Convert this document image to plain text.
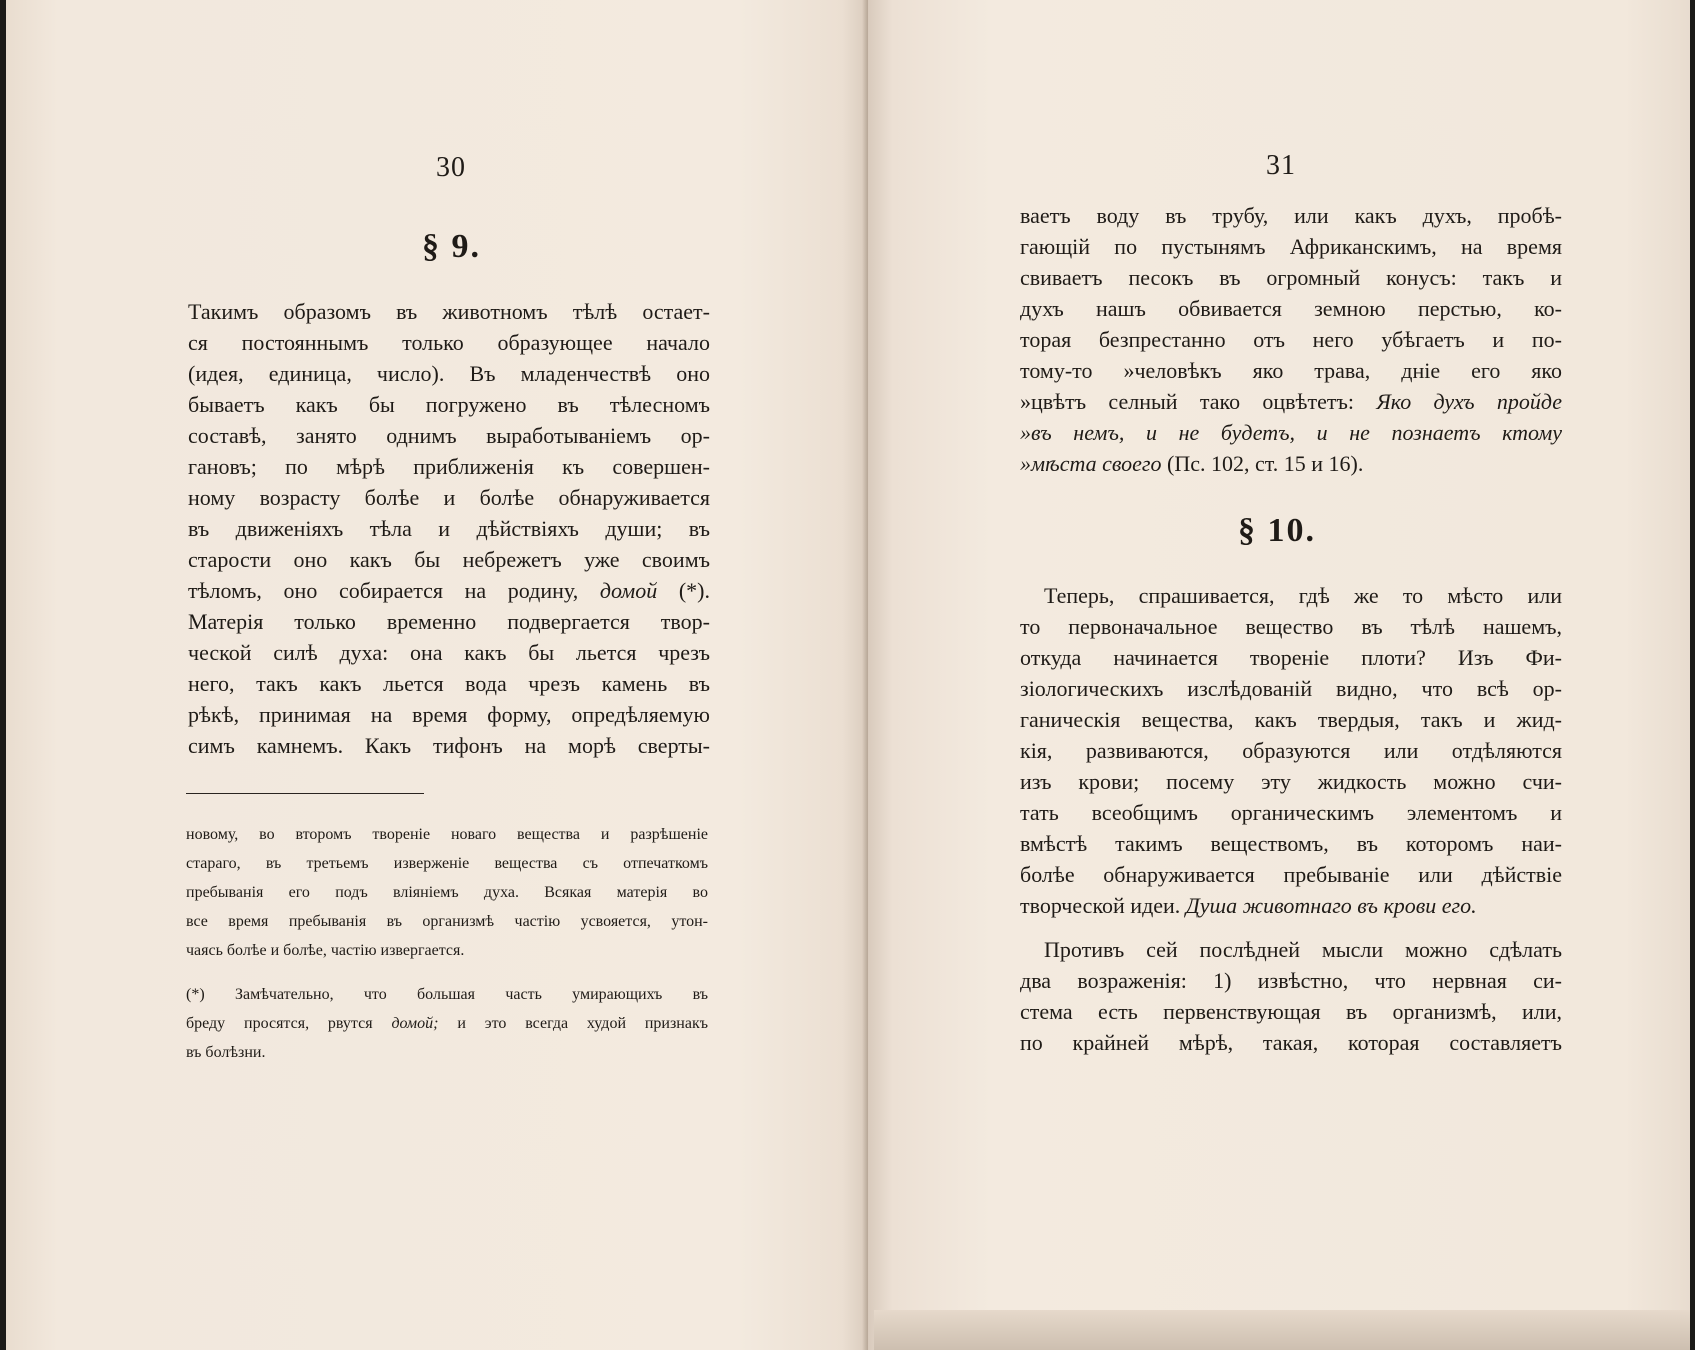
30
§ 9.
Такимъ образомъ въ животномъ тѣлѣ остает-
ся постояннымъ только образующее начало
(идея, единица, число). Въ младенчествѣ оно
бываетъ какъ бы погружено въ тѣлесномъ
составѣ, занято однимъ выработыванiемъ ор-
гановъ; по мѣрѣ приближенiя къ совершен-
ному возрасту болѣе и болѣе обнаруживается
въ движенiяхъ тѣла и дѣйствiяхъ души; въ
старости оно какъ бы небрежетъ уже своимъ
тѣломъ, оно собирается на родину, домой (*).
Матерiя только временно подвергается твор-
ческой силѣ духа: она какъ бы льется чрезъ
него, такъ какъ льется вода чрезъ камень въ
рѣкѣ, принимая на время форму, опредѣляемую
симъ камнемъ. Какъ тифонъ на морѣ сверты-
новому, во второмъ творенiе новаго вещества и разрѣшенiе
стараго, въ третьемъ изверженiе вещества съ отпечаткомъ
пребыванiя его подъ влiянiемъ духа. Всякая матерiя во
все время пребыванiя въ организмѣ частiю усвояется, утон-
чаясь болѣе и болѣе, частiю извергается.
(*) Замѣчательно, что большая часть умирающихъ въ
бреду просятся, рвутся домой; и это всегда худой признакъ
въ болѣзни.
31
ваетъ воду въ трубу, или какъ духъ, пробѣ-
гающiй по пустынямъ Африканскимъ, на время
свиваетъ песокъ въ огромный конусъ: такъ и
духъ нашъ обвивается земною перстью, ко-
торая безпрестанно отъ него убѣгаетъ и по-
тому-то »человѣкъ яко трава, днiе его яко
»цвѣтъ селный тако оцвѣтетъ: Яко духъ пройде
»въ немъ, и не будетъ, и не познаетъ ктому
»мѣста своего (Пс. 102, ст. 15 и 16).
§ 10.
Теперь, спрашивается, гдѣ же то мѣсто или
то первоначальное вещество въ тѣлѣ нашемъ,
откуда начинается творенiе плоти? Изъ Фи-
зiологическихъ изслѣдованiй видно, что всѣ ор-
ганическiя вещества, какъ твердыя, такъ и жид-
кiя, развиваются, образуются или отдѣляются
изъ крови; посему эту жидкость можно счи-
тать всеобщимъ органическимъ элементомъ и
вмѣстѣ такимъ веществомъ, въ которомъ наи-
болѣе обнаруживается пребыванiе или дѣйствiе
творческой идеи. Душа животнаго въ крови его.
Противъ сей послѣдней мысли можно сдѣлать
два возраженiя: 1) извѣстно, что нервная си-
стема есть первенствующая въ организмѣ, или,
по крайней мѣрѣ, такая, которая составляетъ
